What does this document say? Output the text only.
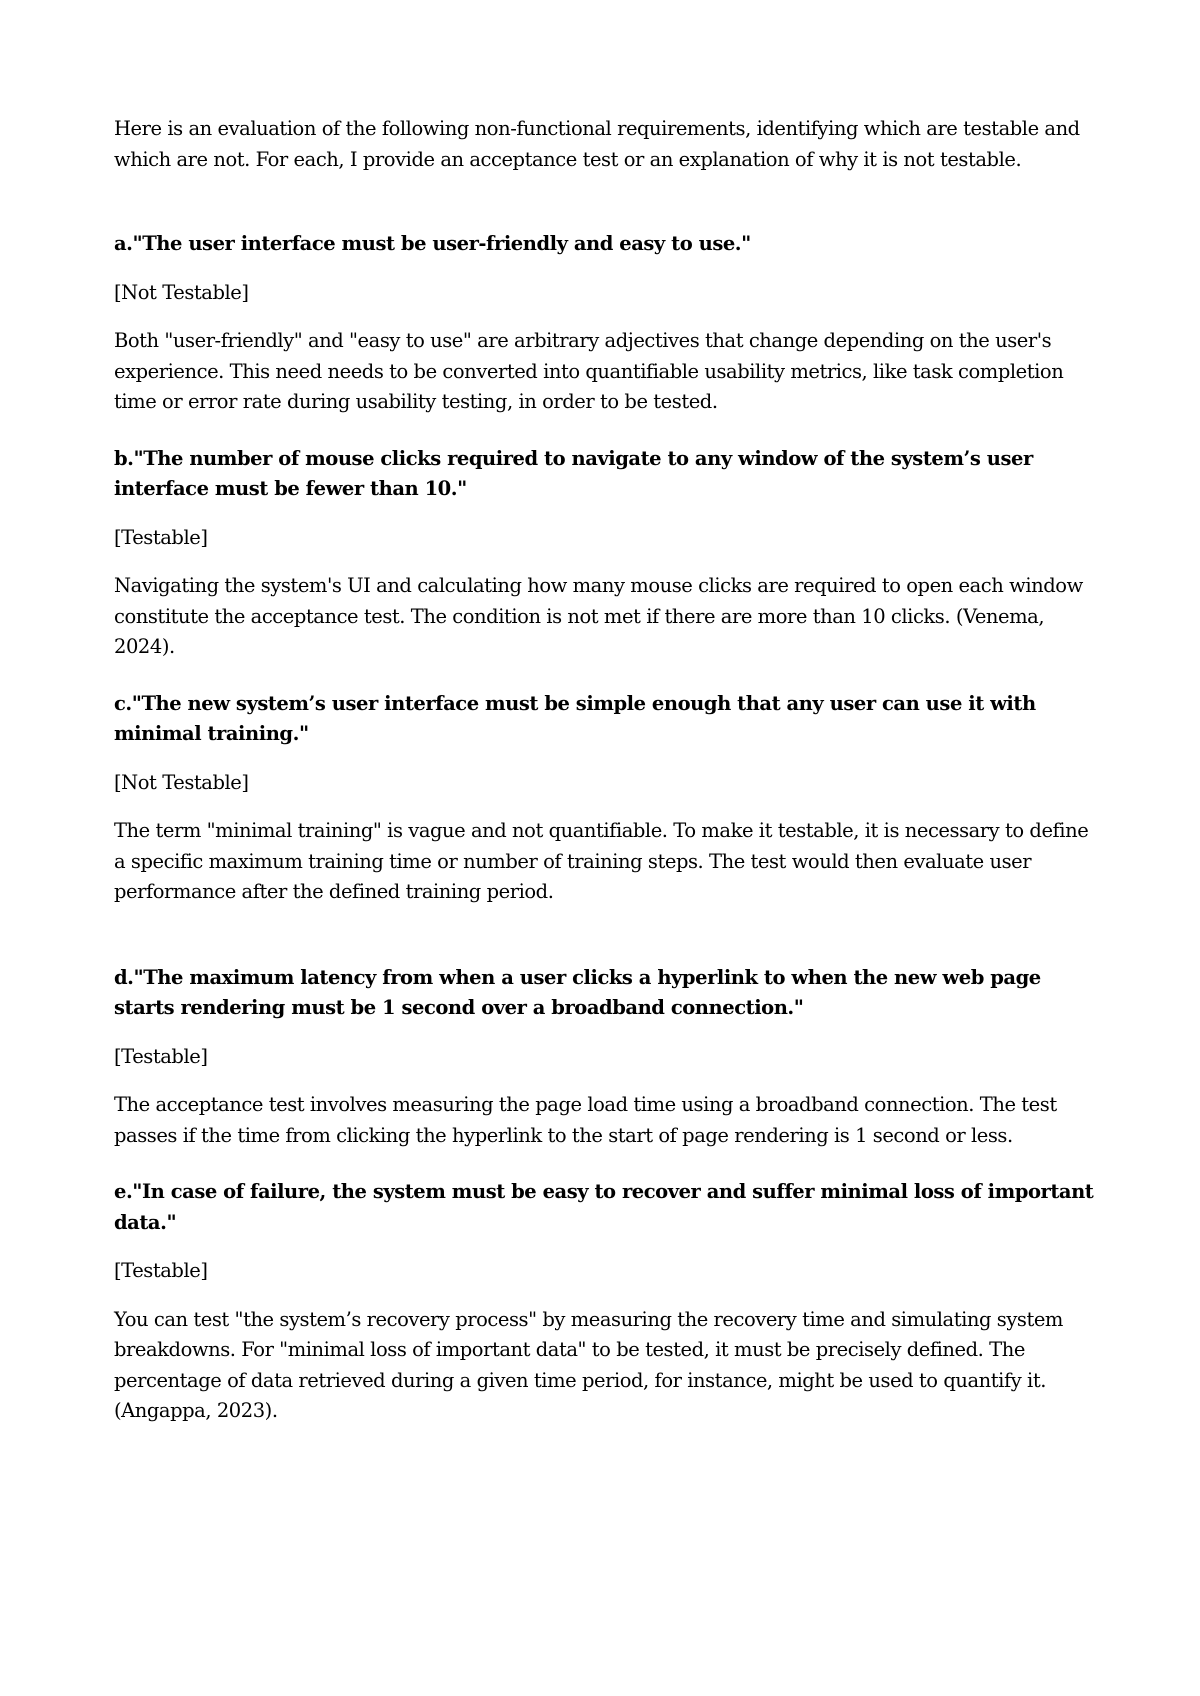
Here is an evaluation of the following non-functional requirements, identifying which are testable and which are not. For each, I provide an acceptance test or an explanation of why it is not testable.

a."The user interface must be user-friendly and easy to use."

[Not Testable]

Both "user-friendly" and "easy to use" are arbitrary adjectives that change depending on the user's experience. This need needs to be converted into quantifiable usability metrics, like task completion time or error rate during usability testing, in order to be tested.

b."The number of mouse clicks required to navigate to any window of the system’s user interface must be fewer than 10."

[Testable]

Navigating the system's UI and calculating how many mouse clicks are required to open each window constitute the acceptance test. The condition is not met if there are more than 10 clicks. (Venema, 2024).

c."The new system’s user interface must be simple enough that any user can use it with minimal training."

[Not Testable]

The term "minimal training" is vague and not quantifiable. To make it testable, it is necessary to define a specific maximum training time or number of training steps. The test would then evaluate user performance after the defined training period.

d."The maximum latency from when a user clicks a hyperlink to when the new web page starts rendering must be 1 second over a broadband connection."

[Testable]

The acceptance test involves measuring the page load time using a broadband connection. The test passes if the time from clicking the hyperlink to the start of page rendering is 1 second or less.

e."In case of failure, the system must be easy to recover and suffer minimal loss of important data."

[Testable]

You can test "the system’s recovery process" by measuring the recovery time and simulating system breakdowns. For "minimal loss of important data" to be tested, it must be precisely defined. The percentage of data retrieved during a given time period, for instance, might be used to quantify it. (Angappa, 2023).
